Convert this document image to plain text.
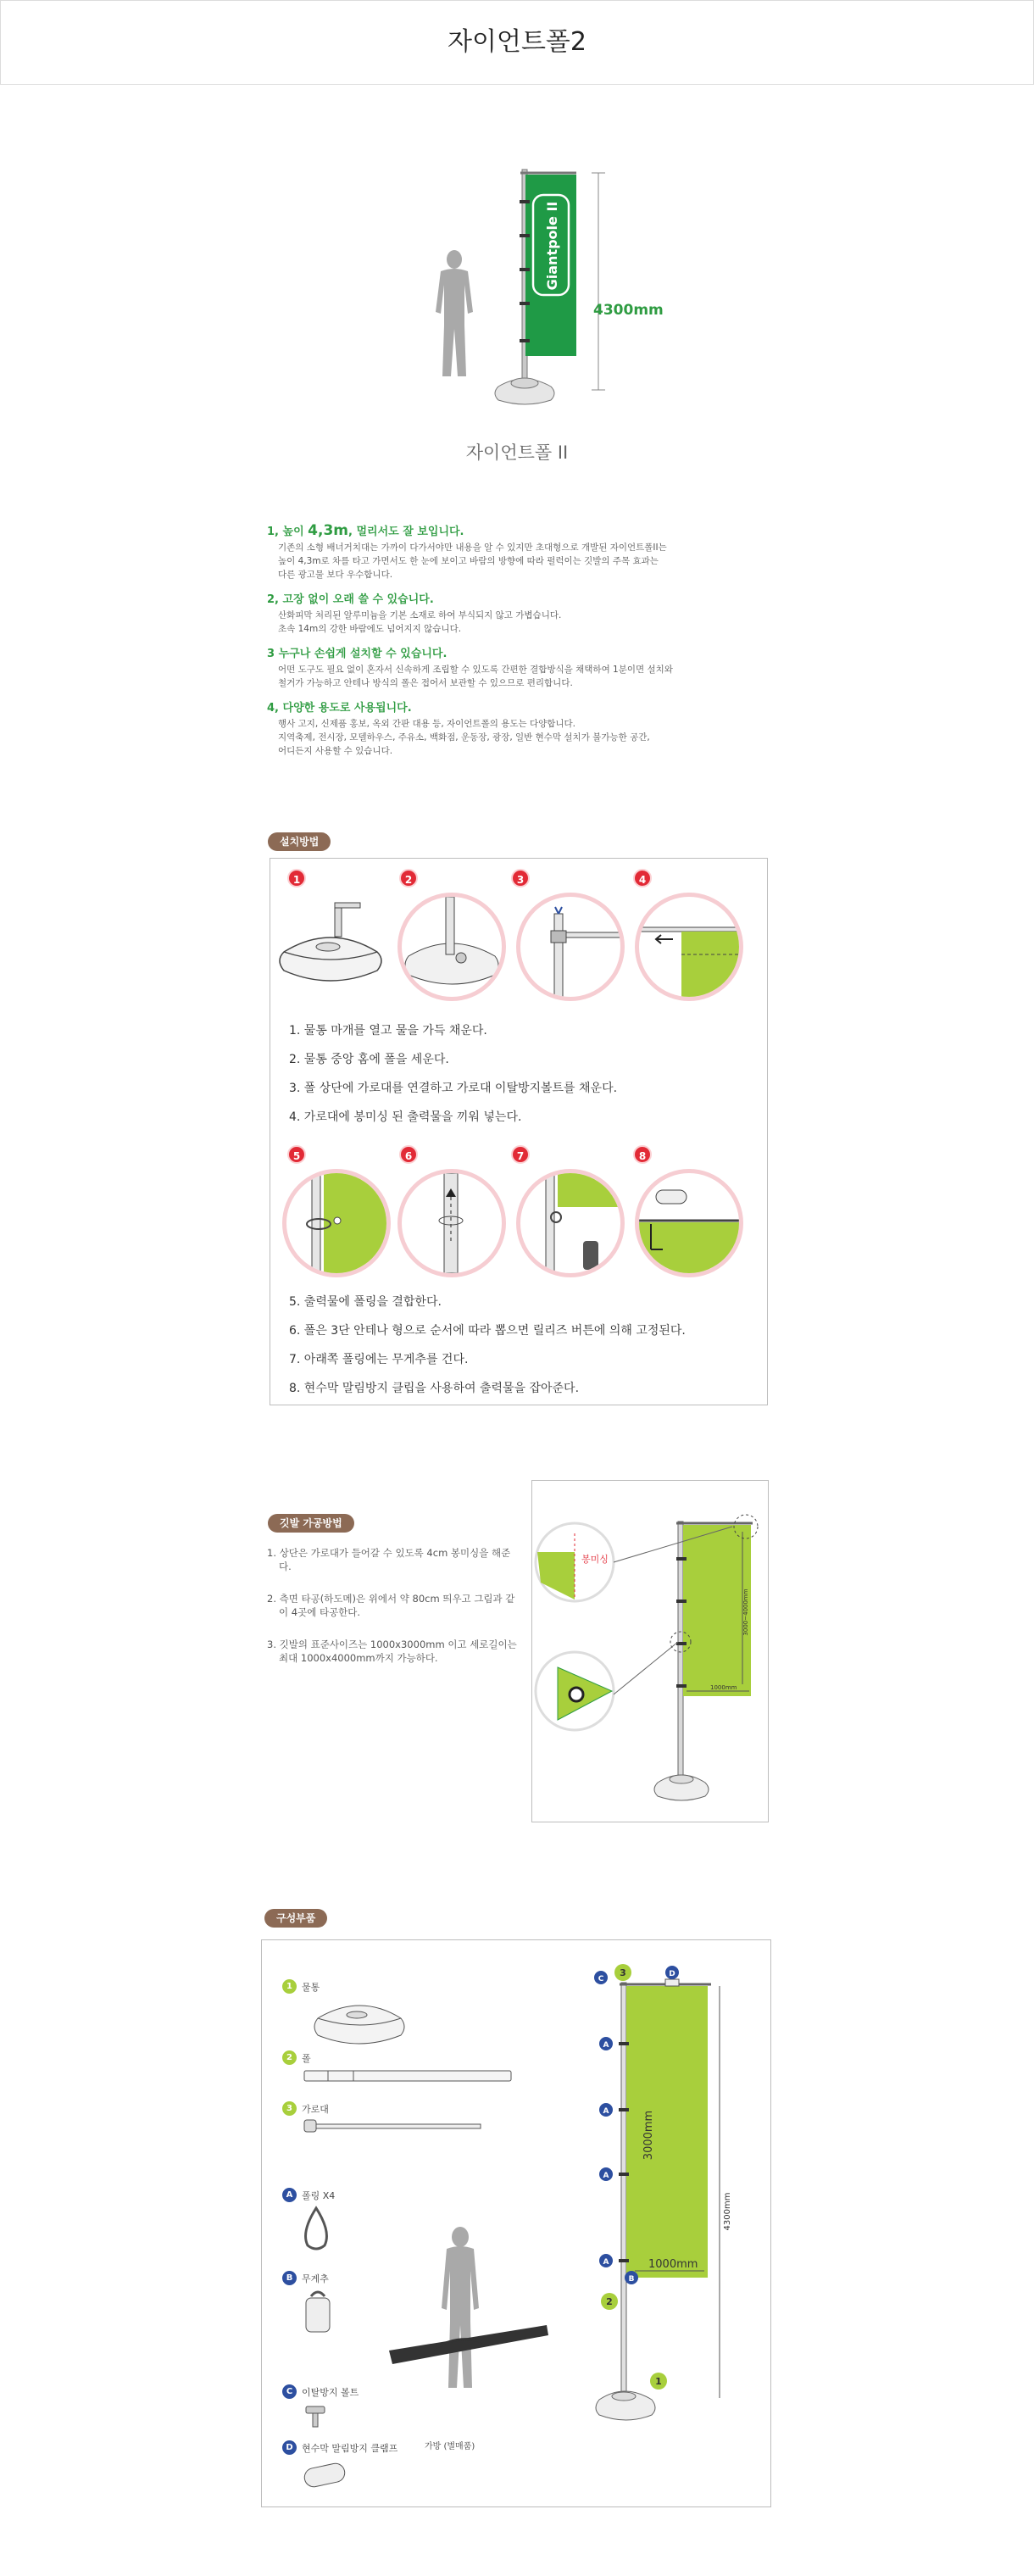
자이언트폴2
Giantpole II
4300mm
자이언트폴 II
1, 높이 4,3m, 멀리서도 잘 보입니다.
기존의 소형 배너거치대는 가까이 다가서야만 내용을 알 수 있지만 초대형으로 개발된 자이언트폴II는
높이 4,3m로 차를 타고 가면서도 한 눈에 보이고 바람의 방향에 따라 펄럭이는 깃발의 주목 효과는
다른 광고물 보다 우수합니다.
2, 고장 없이 오래 쓸 수 있습니다.
산화피막 처리된 알루미늄을 기본 소재로 하여 부식되지 않고 가볍습니다.
초속 14m의 강한 바람에도 넘어지지 않습니다.
3 누구나 손쉽게 설치할 수 있습니다.
어떤 도구도 필요 없이 혼자서 신속하게 조립할 수 있도록 간편한 결합방식을 채택하여 1분이면 설치와
철거가 가능하고 안테나 방식의 폴은 접어서 보관할 수 있으므로 편리합니다.
4, 다양한 용도로 사용됩니다.
행사 고지, 신제품 홍보, 옥외 간판 대용 등, 자이언트폴의 용도는 다양합니다.
지역축제, 전시장, 모델하우스, 주유소, 백화점, 운동장, 광장, 일반 현수막 설치가 불가능한 공간,
어디든지 사용할 수 있습니다.
설치방법
1	2	3	4

1. 물통 마개를 열고 물을 가득 채운다.

2. 물통 중앙 홈에 폴을 세운다.

3. 폴 상단에 가로대를 연결하고 가로대 이탈방지볼트를 채운다.

4. 가로대에 봉미싱 된 출력물을 끼워 넣는다.

5	6	7	8

5. 출력물에 폴링을 결합한다.

6. 폴은 3단 안테나 형으로 순서에 따라 뽑으면 릴리즈 버튼에 의해 고정된다.

7. 아래쪽 폴링에는 무게추를 건다.

8. 현수막 말림방지 클립을 사용하여 출력물을 잡아준다.

깃발 가공방법

1. 상단은 가로대가 들어갈 수 있도록 4cm 봉미싱을 해준다.

2. 측면 타공(하도메)은 위에서 약 80cm 띄우고 그림과 같이 4곳에 타공한다.

3. 깃발의 표준사이즈는 1000x3000mm 이고 세로길이는 최대 1000x4000mm까지 가능하다.

3000~4000mm
1000mm
봉미싱
구성부품
1	물통
2	폴
3	가로대
A 폴링 X4
B 무게추
C 이탈방지 볼트
D 현수막 말림방지 클램프	가방 (별매품)
C
3	D
A
A
A
A
B
2
1
3000mm
1000mm
4300mm
